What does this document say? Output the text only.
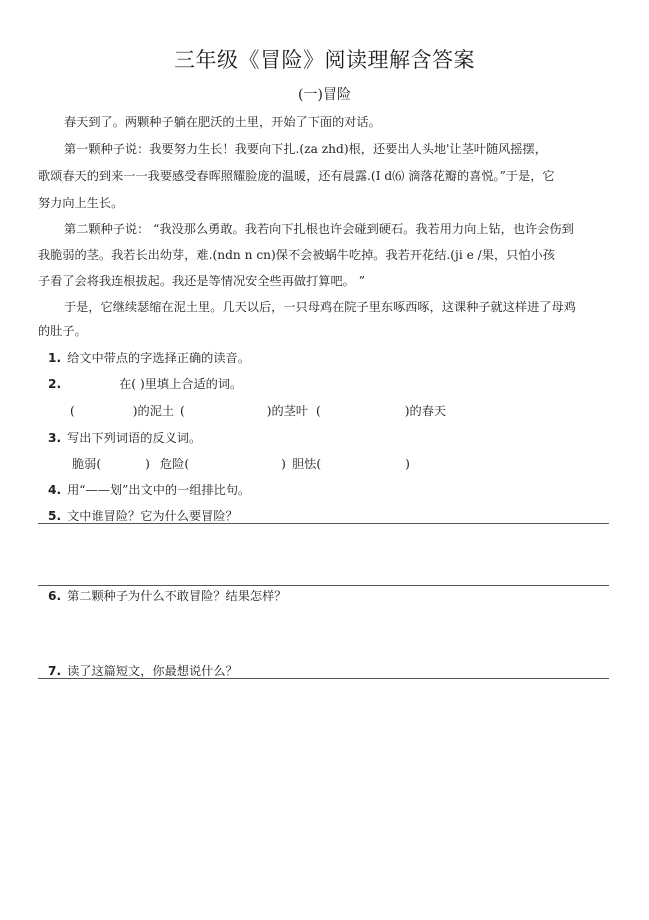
三年级《冒险》阅读理解含答案
(一)冒险
春天到了。两颗种子躺在肥沃的土里，开始了下面的对话。
第一颗种子说：我要努力生长！我要向下扎.(za zhd)根，还要出人头地'让茎叶随风摇摆，
歌颂春天的到来一一我要感受春晖照耀脸庞的温暖，还有晨露.(I d⑹ 滴落花瓣的喜悦。”于是，它
努力向上生长。
第二颗种子说： “我没那么勇敢。我若向下扎根也许会碰到硬石。我若用力向上钻，也许会伤到
我脆弱的茎。我若长出幼芽，难.(ndn n cn)保不会被蜗牛吃掉。我若开花结.(ji e /果，只怕小孩
子看了会将我连根拔起。我还是等情况安全些再做打算吧。 ”
于是，它继续瑟缩在泥土里。几天以后，一只母鸡在院子里东啄西啄，这课种子就这样进了母鸡
的肚子。
1. 给文中带点的字选择正确的读音。
2.	在( )里填上合适的词。
(	)的泥土 (	)的茎叶 (	)的春天
3. 写出下列词语的反义词。
脆弱(	) 危险(	) 胆怯(	)
4. 用“——划”出文中的一组排比句。
5. 文中谁冒险？它为什么要冒险？
6. 第二颗种子为什么不敢冒险？结果怎样？
7. 读了这篇短文，你最想说什么？
